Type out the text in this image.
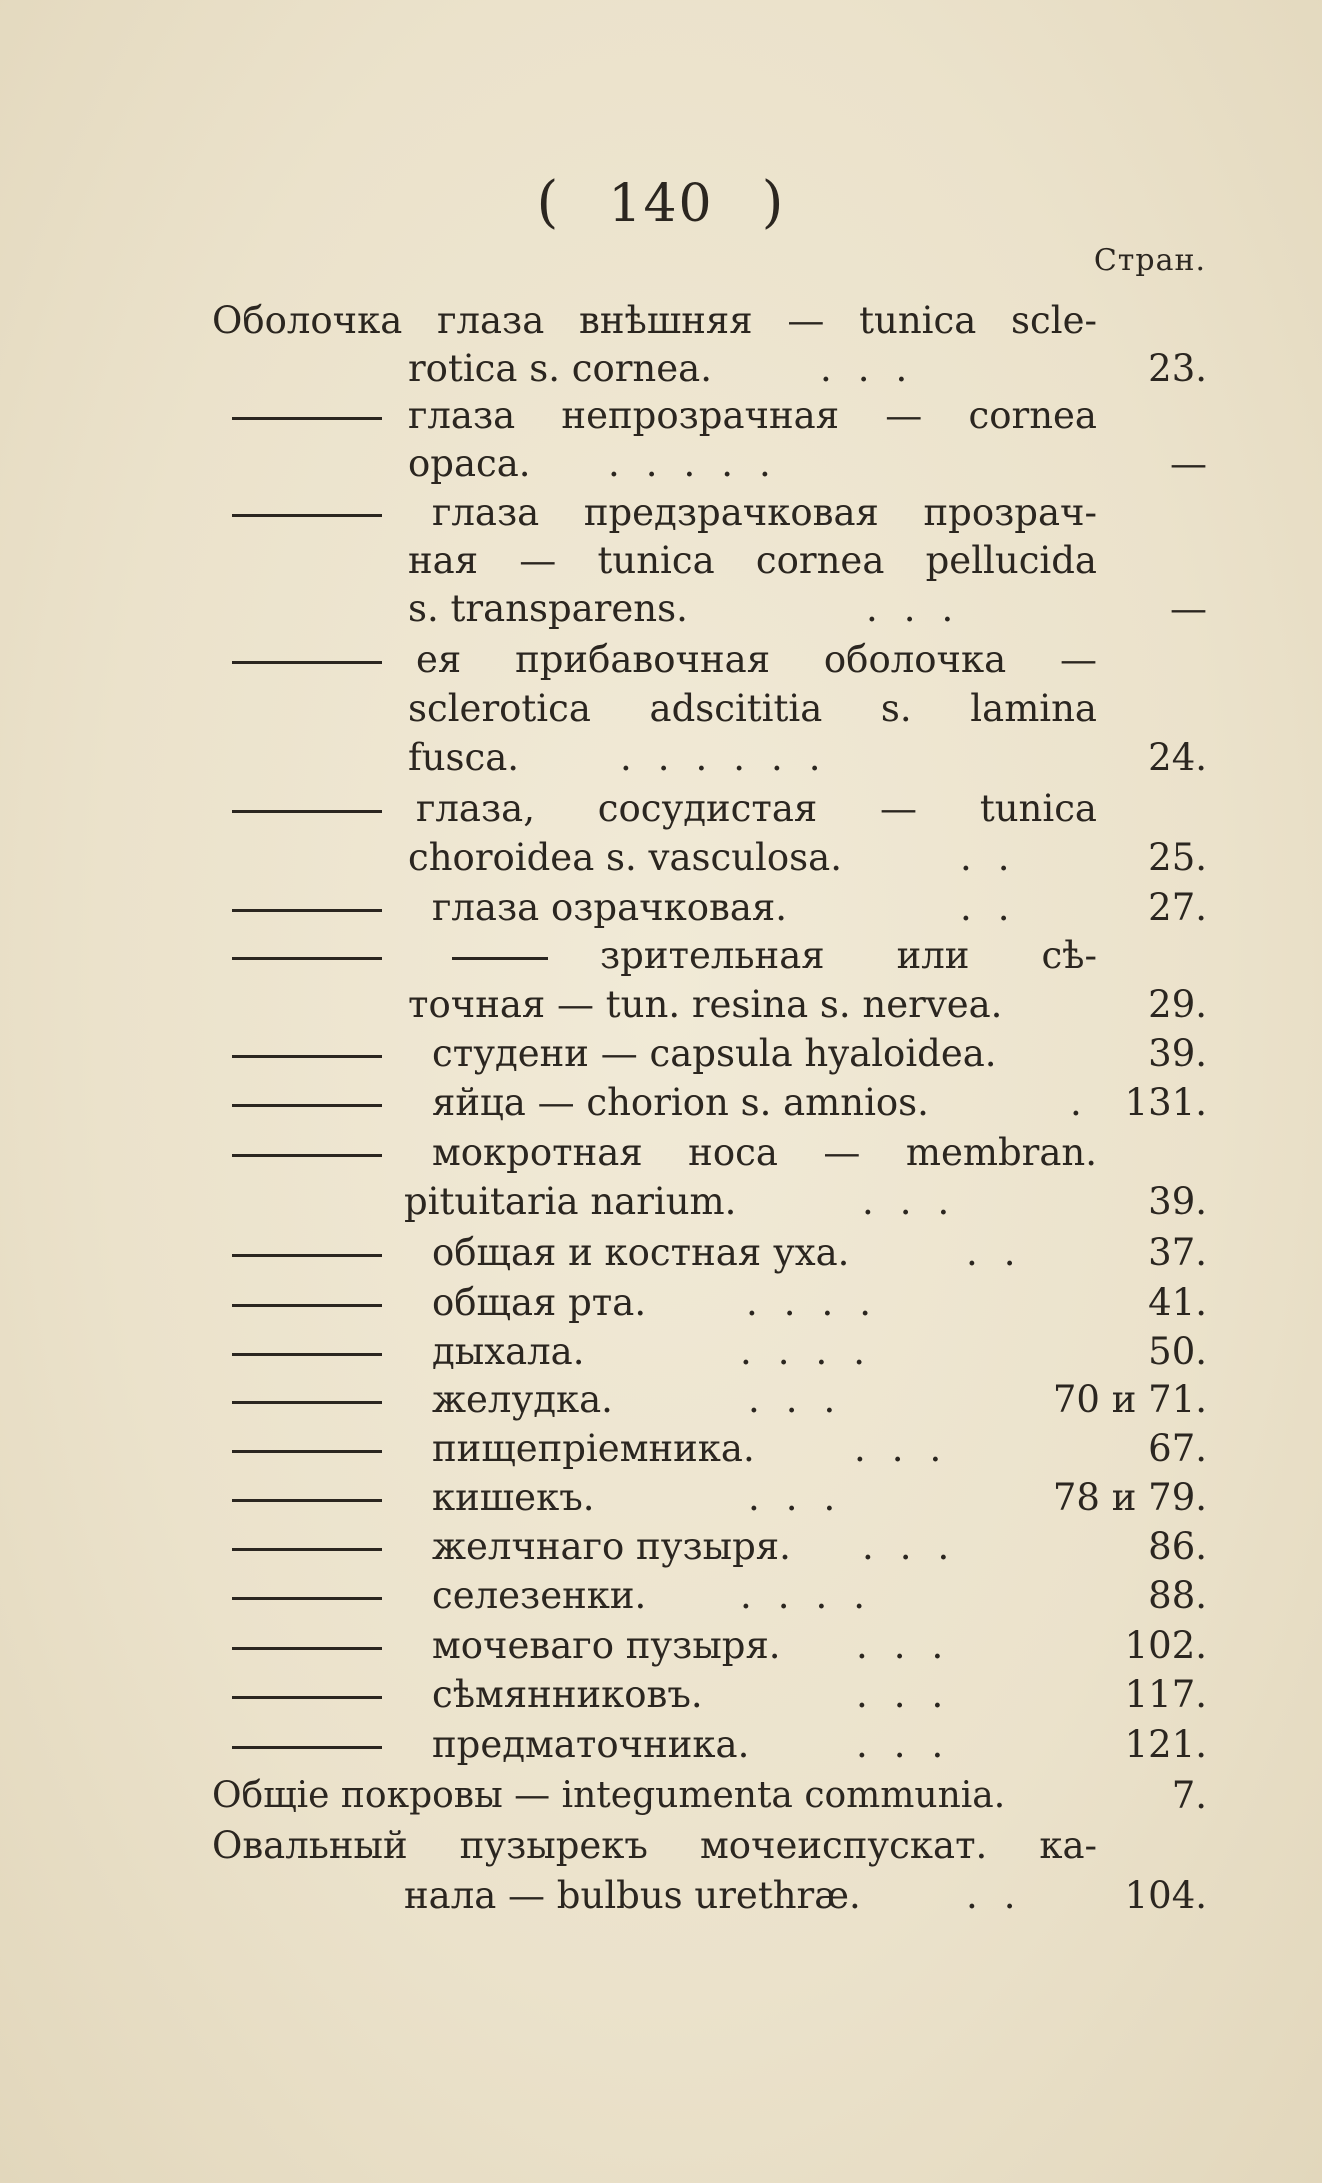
( 140 )
Стран.
Оболочка глаза внѣшняя — tunica scle-
rotica s. cornea.	...	23.
глаза непрозрачная — cornea
opaca. .....	—
глаза предзрачковая прозрач-
ная — tunica cornea pellucida
s. transparens.	...	—
ея прибавочная оболочка —
sclerotica adscititia s. lamina
fusca.	......	24.
глаза, сосудистая — tunica
choroidea s. vasculosa.	..	25.
глаза озрачковая.	..	27.
зрительная или сѣ-
точная — tun. resina s. nervea.	29.
студени — capsula hyaloidea.	39.
яйца — chorion s. amnios.	. 131.
мокротная носа — membran.
pituitaria narium.	...	39.
общая и костная уха.	..	37.
общая рта.	....	41.
дыхала.	....	50.
желудка.	...	70 и 71.
пищепріемника.	...	67.
кишекъ.	...	78 и 79.
желчнаго пузыря. ...	86.
селезенки.	....	88.
мочеваго пузыря. ...	102.
сѣмянниковъ.	...	117.
предматочника.	...	121.
Общіе покровы — integumenta communia.	7.
Овальный пузырекъ мочеиспускат. ка-
нала — bulbus urethræ.	.. 104.
